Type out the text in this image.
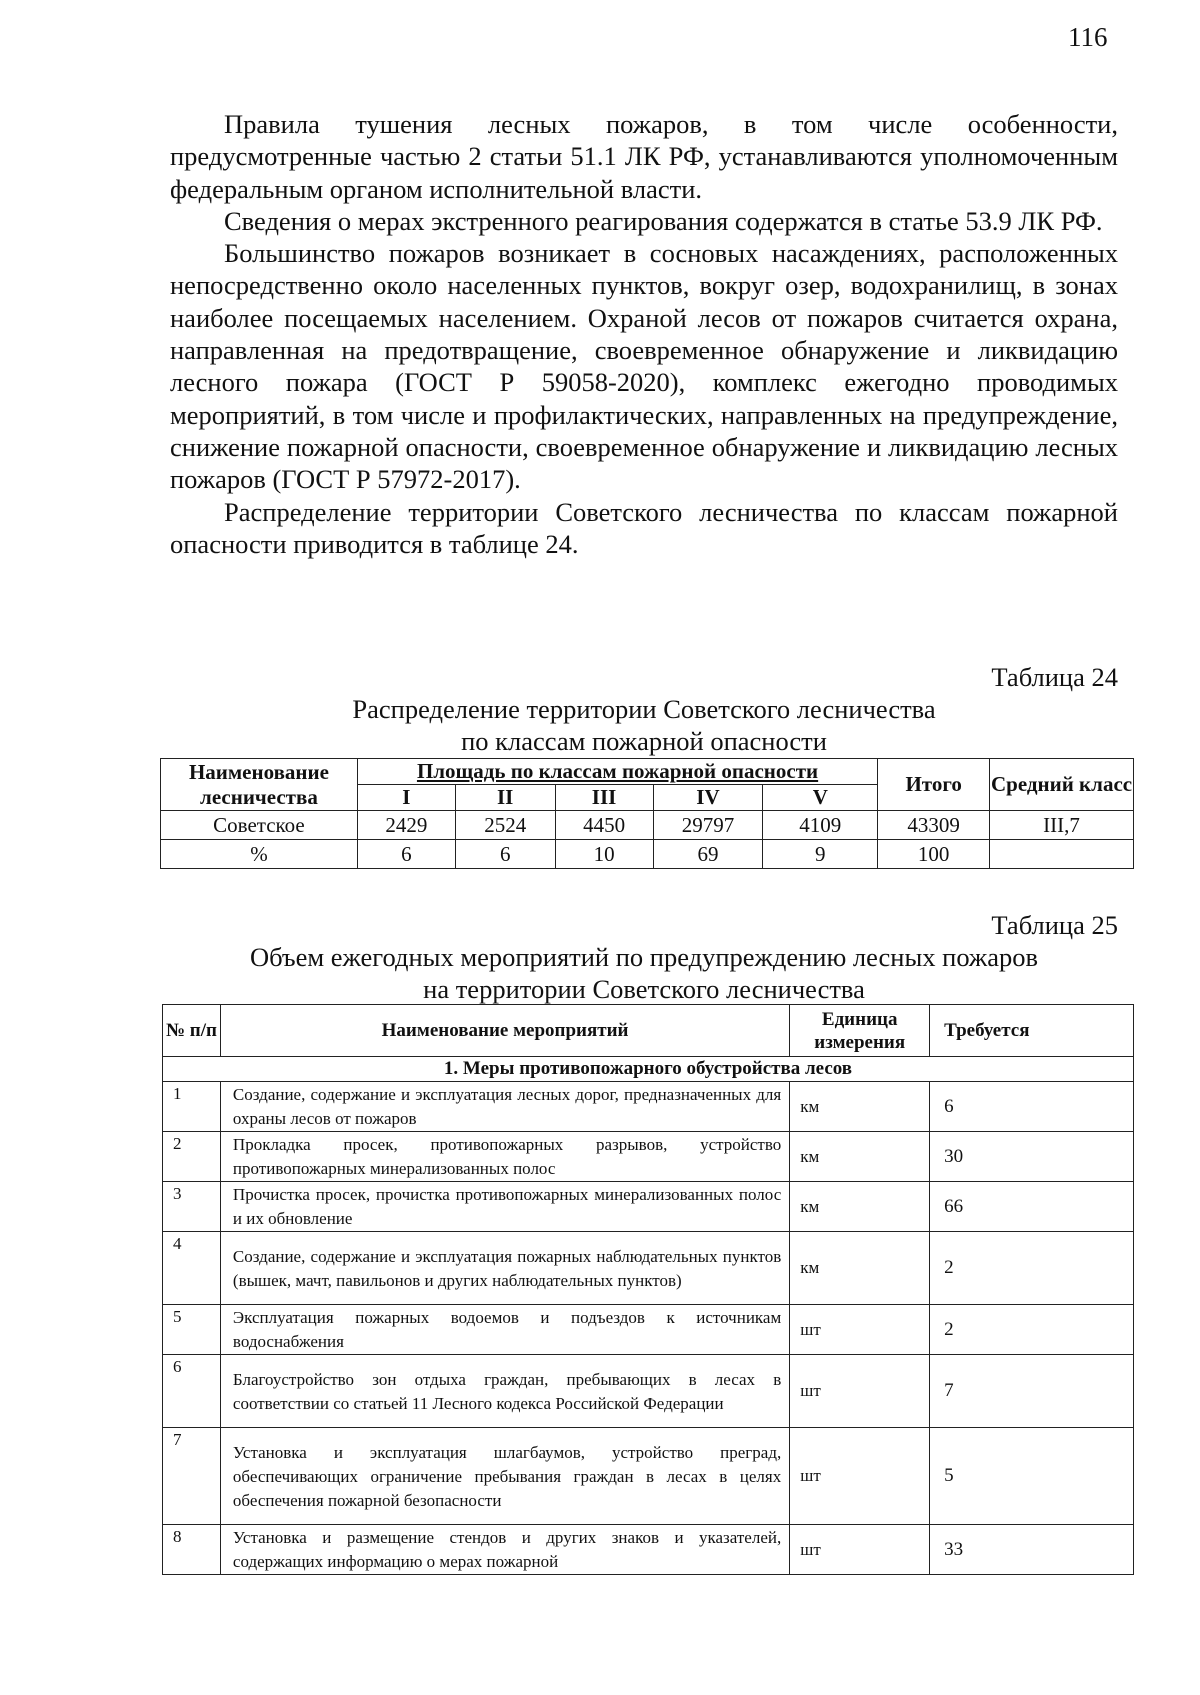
116

Правила тушения лесных пожаров, в том числе особенности, предусмотренные частью 2 статьи 51.1 ЛК РФ, устанавливаются уполномоченным федеральным органом исполнительной власти.

Сведения о мерах экстренного реагирования содержатся в статье 53.9 ЛК РФ.

Большинство пожаров возникает в сосновых насаждениях, расположенных непосредственно около населенных пунктов, вокруг озер, водохранилищ, в зонах наиболее посещаемых населением. Охраной лесов от пожаров считается охрана, направленная на предотвращение, своевременное обнаружение и ликвидацию лесного пожара (ГОСТ Р 59058-2020), комплекс ежегодно проводимых мероприятий, в том числе и профилактических, направленных на предупреждение, снижение пожарной опасности, своевременное обнаружение и ликвидацию лесных пожаров (ГОСТ Р 57972-2017).

Распределение территории Советского лесничества по классам пожарной опасности приводится в таблице 24.

Таблица 24
Распределение территории Советского лесничества
по классам пожарной опасности
Наименование лесничества	Площадь по классам пожарной опасности					Итого	Средний класс
	I	II	III	IV	V		
Советское	2429	2524	4450	29797	4109	43309	III,7
%	6	6	10	69	9	100	
Таблица 25
Объем ежегодных мероприятий по предупреждению лесных пожаров
на территории Советского лесничества
№ п/п	Наименование мероприятий	Единица измерения	Требуется
1. Меры противопожарного обустройства лесов			
1	Создание, содержание и эксплуатация лесных дорог, предназначенных для охраны лесов от пожаров	км	6
2	Прокладка просек, противопожарных разрывов, устройство противопожарных минерализованных полос	км	30
3	Прочистка просек, прочистка противопожарных минерализованных полос и их обновление	км	66
4	Создание, содержание и эксплуатация пожарных наблюдательных пунктов (вышек, мачт, павильонов и других наблюдательных пунктов)	км	2
5	Эксплуатация пожарных водоемов и подъездов к источникам водоснабжения	шт	2
6	Благоустройство зон отдыха граждан, пребывающих в лесах в соответствии со статьей 11 Лесного кодекса Российской Федерации	шт	7
7	Установка и эксплуатация шлагбаумов, устройство преград, обеспечивающих ограничение пребывания граждан в лесах в целях обеспечения пожарной безопасности	шт	5
8	Установка и размещение стендов и других знаков и указателей, содержащих информацию о мерах пожарной	шт	33
